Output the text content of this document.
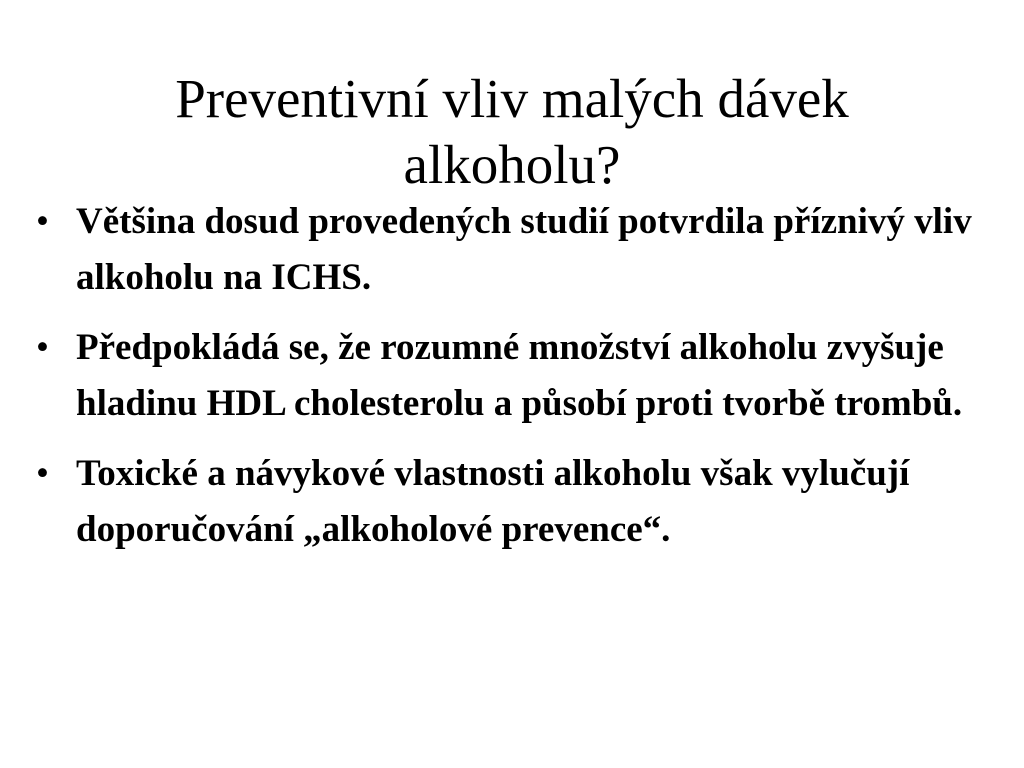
Preventivní vliv malých dávek alkoholu?
• Většina dosud provedených studií potvrdila příznivý vliv alkoholu na ICHS.
• Předpokládá se, že rozumné množství alkoholu zvyšuje hladinu HDL cholesterolu a působí proti tvorbě trombů.
• Toxické a návykové vlastnosti alkoholu však vylučují doporučování „alkoholové prevence“.
